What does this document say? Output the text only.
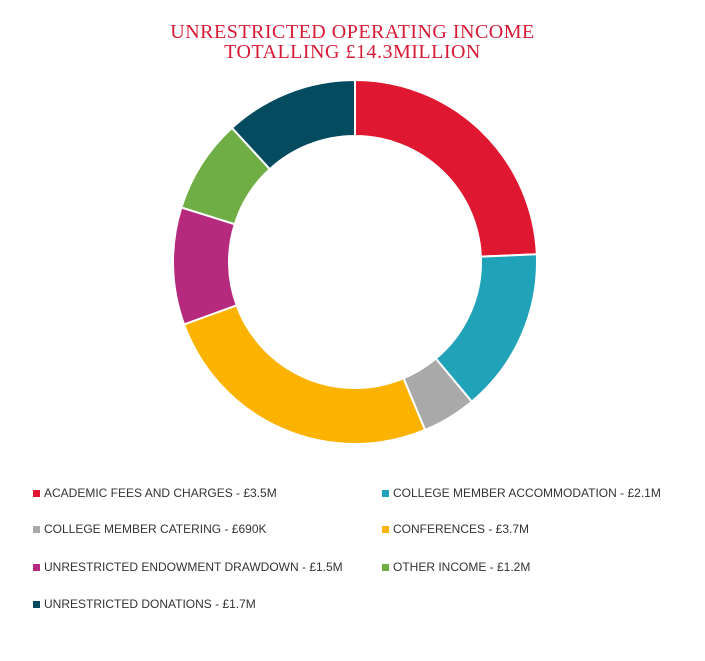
UNRESTRICTED OPERATING INCOME
TOTALLING £14.3MILLION
ACADEMIC FEES AND CHARGES - £3.5M	COLLEGE MEMBER ACCOMMODATION - £2.1M
COLLEGE MEMBER CATERING - £690K	CONFERENCES - £3.7M
UNRESTRICTED ENDOWMENT DRAWDOWN - £1.5M	OTHER INCOME - £1.2M
UNRESTRICTED DONATIONS - £1.7M
